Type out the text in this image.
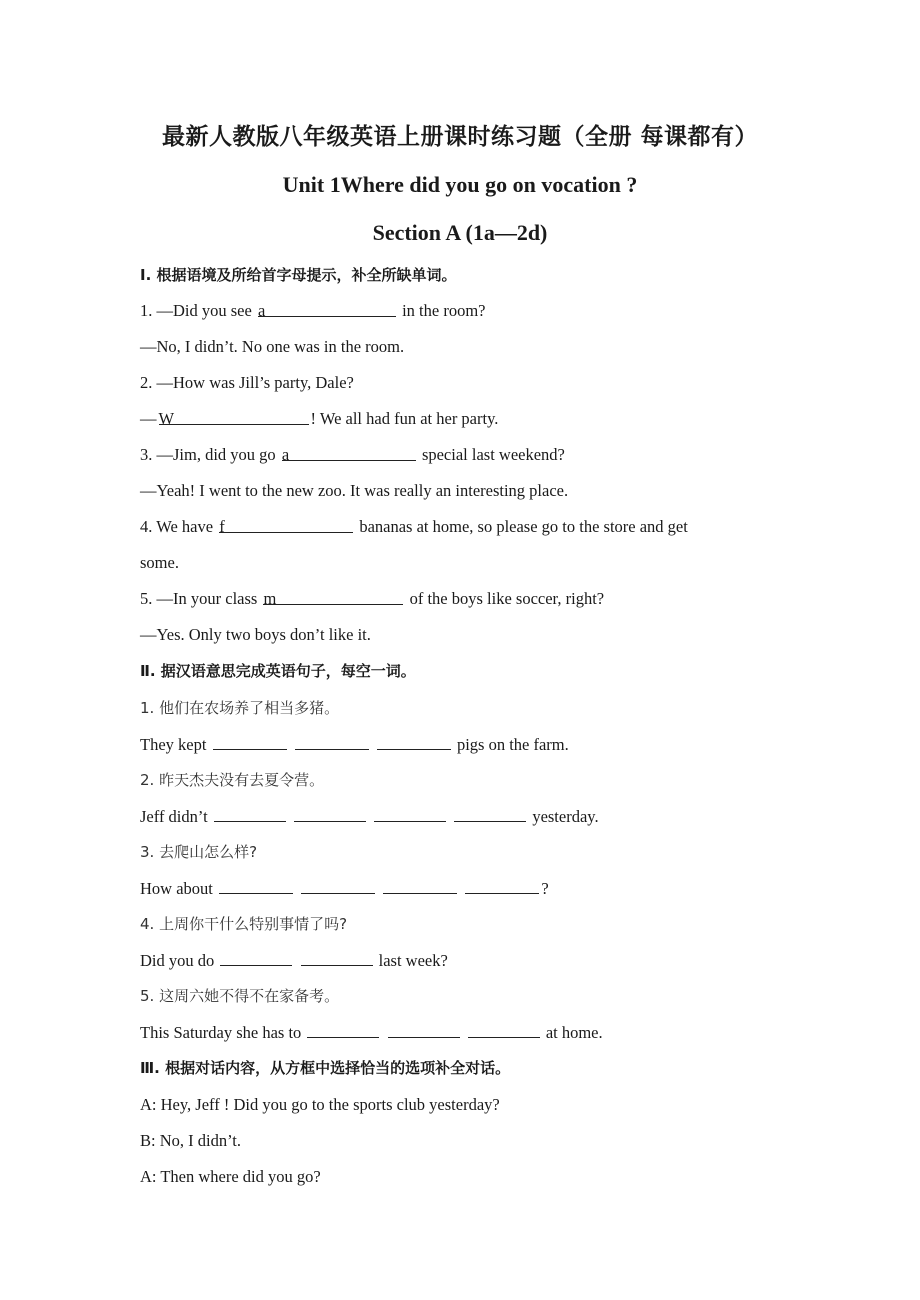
最新人教版八年级英语上册课时练习题（全册 每课都有）
Unit 1Where did you go on vocation ?
Section A (1a—2d)
Ⅰ. 根据语境及所给首字母提示，补全所缺单词。
1. —Did you see a	in the room?
—No, I didn’t. No one was in the room.
2. —How was Jill’s party, Dale?
— W	! We all had fun at her party.
3. —Jim, did you go a	special last weekend?
—Yeah! I went to the new zoo. It was really an interesting place.
4. We have f	bananas at home, so please go to the store and get
some.
5. —In your class m	of the boys like soccer, right?
—Yes. Only two boys don’t like it.
Ⅱ. 据汉语意思完成英语句子，每空一词。
1. 他们在农场养了相当多猪。
They kept	pigs on the farm.
2. 昨天杰夫没有去夏令营。
Jeff didn’t	yesterday.
3. 去爬山怎么样?
How about	?
4. 上周你干什么特别事情了吗?
Did you do	last week?
5. 这周六她不得不在家备考。
This Saturday she has to	at home.
Ⅲ. 根据对话内容，从方框中选择恰当的选项补全对话。
A: Hey, Jeff ! Did you go to the sports club yesterday?
B: No, I didn’t.
A: Then where did you go?
